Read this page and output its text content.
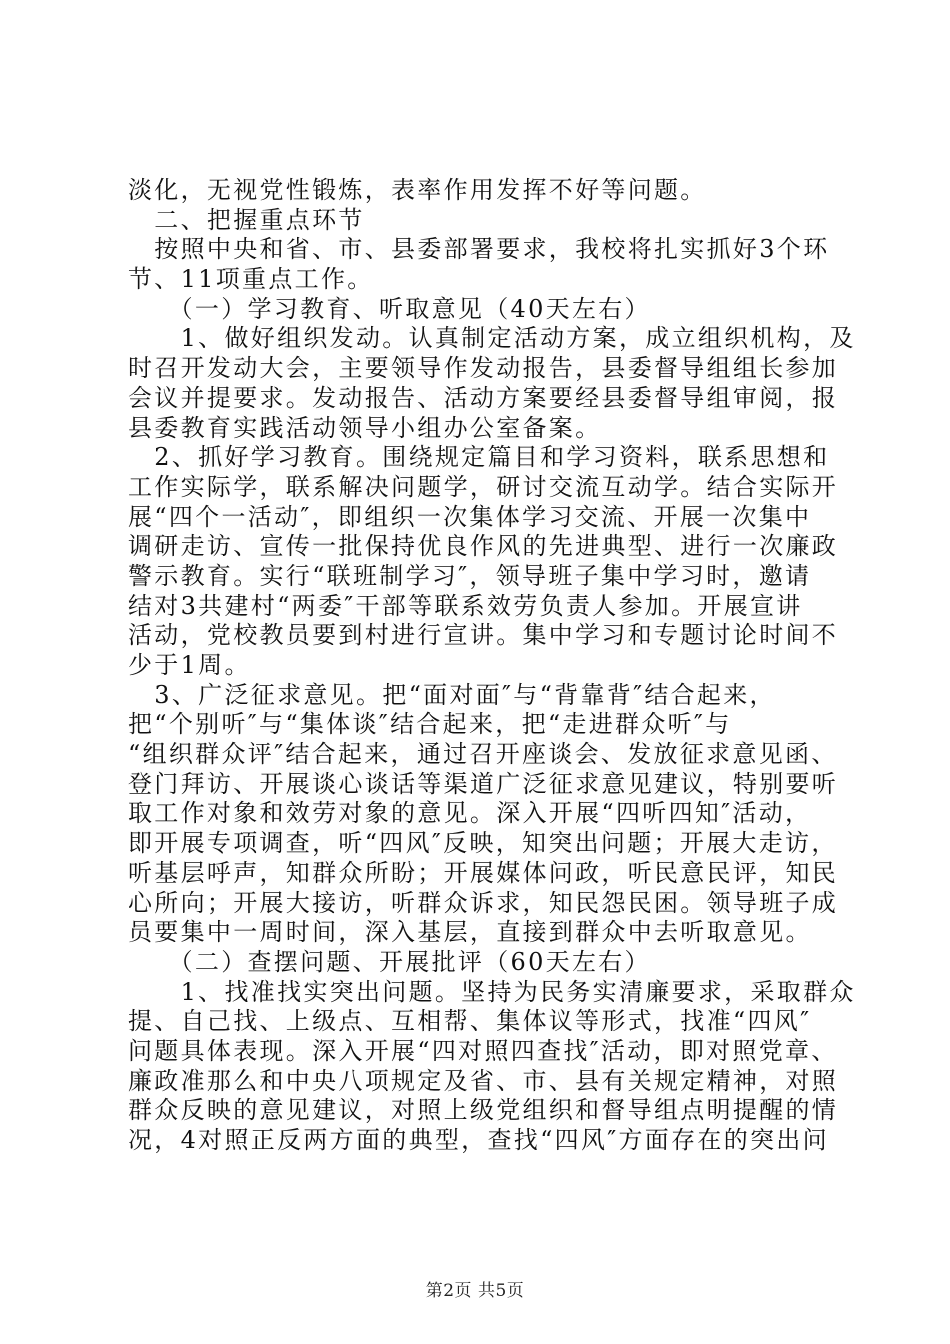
淡化，无视党性锻炼，表率作用发挥不好等问题。
　二、把握重点环节
　按照中央和省、市、县委部署要求，我校将扎实抓好3个环
节、11项重点工作。
　　（一）学习教育、听取意见（40天左右）
　　1、做好组织发动。认真制定活动方案，成立组织机构，及
时召开发动大会，主要领导作发动报告，县委督导组组长参加
会议并提要求。发动报告、活动方案要经县委督导组审阅，报
县委教育实践活动领导小组办公室备案。
　2、抓好学习教育。围绕规定篇目和学习资料，联系思想和
工作实际学，联系解决问题学，研讨交流互动学。结合实际开
展“四个一活动″，即组织一次集体学习交流、开展一次集中
调研走访、宣传一批保持优良作风的先进典型、进行一次廉政
警示教育。实行“联班制学习″，领导班子集中学习时，邀请
结对3共建村“两委″干部等联系效劳负责人参加。开展宣讲
活动，党校教员要到村进行宣讲。集中学习和专题讨论时间不
少于1周。
　3、广泛征求意见。把“面对面″与“背靠背″结合起来，
把“个别听″与“集体谈″结合起来，把“走进群众听″与
“组织群众评″结合起来，通过召开座谈会、发放征求意见函、
登门拜访、开展谈心谈话等渠道广泛征求意见建议，特别要听
取工作对象和效劳对象的意见。深入开展“四听四知″活动，
即开展专项调查，听“四风″反映，知突出问题；开展大走访，
听基层呼声，知群众所盼；开展媒体问政，听民意民评，知民
心所向；开展大接访，听群众诉求，知民怨民困。领导班子成
员要集中一周时间，深入基层，直接到群众中去听取意见。
　　（二）查摆问题、开展批评（60天左右）
　　1、找准找实突出问题。坚持为民务实清廉要求，采取群众
提、自己找、上级点、互相帮、集体议等形式，找准“四风″
问题具体表现。深入开展“四对照四查找″活动，即对照党章、
廉政准那么和中央八项规定及省、市、县有关规定精神，对照
群众反映的意见建议，对照上级党组织和督导组点明提醒的情
况，4对照正反两方面的典型，查找“四风″方面存在的突出问
第2页 共5页
